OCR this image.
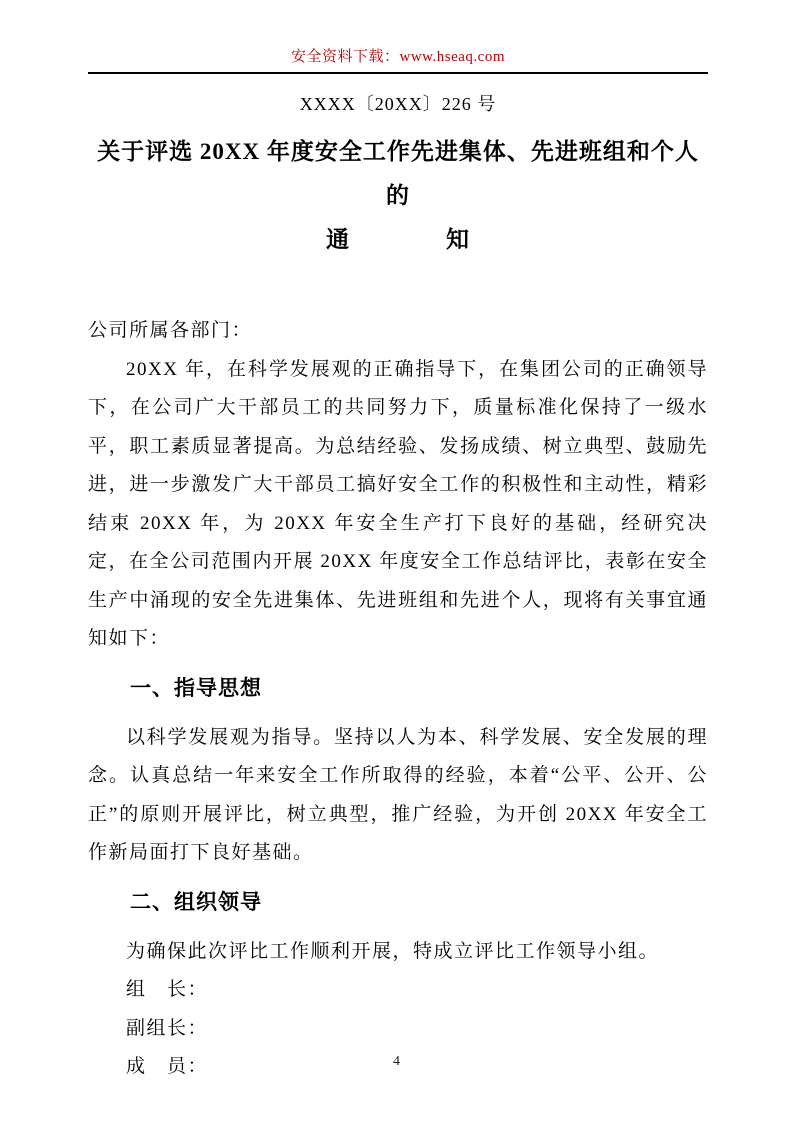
安全资料下载：www.hseaq.com
XXXX〔20XX〕226 号
关于评选 20XX 年度安全工作先进集体、先进班组和个人的
通　　　　知
公司所属各部门：

20XX 年，在科学发展观的正确指导下，在集团公司的正确领导下，在公司广大干部员工的共同努力下，质量标准化保持了一级水平，职工素质显著提高。为总结经验、发扬成绩、树立典型、鼓励先进，进一步激发广大干部员工搞好安全工作的积极性和主动性，精彩结束 20XX 年，为 20XX 年安全生产打下良好的基础，经研究决定，在全公司范围内开展 20XX 年度安全工作总结评比，表彰在安全生产中涌现的安全先进集体、先进班组和先进个人，现将有关事宜通知如下：

一、指导思想

以科学发展观为指导。坚持以人为本、科学发展、安全发展的理念。认真总结一年来安全工作所取得的经验，本着“公平、公开、公正”的原则开展评比，树立典型，推广经验，为开创 20XX 年安全工作新局面打下良好基础。

二、组织领导

为确保此次评比工作顺利开展，特成立评比工作领导小组。

组　长：
副组长：
成　员：	4
